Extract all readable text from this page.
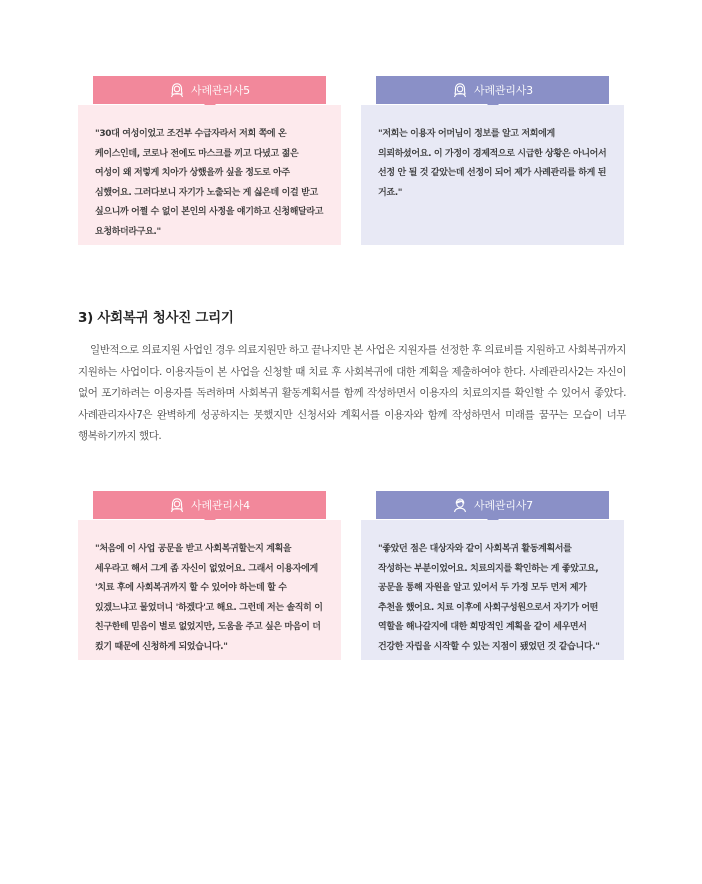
사례관리사5
"30대 여성이었고 조건부 수급자라서 저희 쪽에 온 케이스인데, 코로나 전에도 마스크를 끼고 다녔고 젊은 여성이 왜 저렇게 치아가 상했을까 싶을 정도로 아주 심했어요. 그러다보니 자기가 노출되는 게 싫은데 이걸 받고 싶으니까 어쩔 수 없이 본인의 사정을 얘기하고 신청해달라고 요청하더라구요."
사례관리사3
"저희는 이용자 어머님이 정보를 알고 저희에게 의뢰하셨어요. 이 가정이 경제적으로 시급한 상황은 아니어서 선정 안 될 것 같았는데 선정이 되어 제가 사례관리를 하게 된 거죠."
3) 사회복귀 청사진 그리기

일반적으로 의료지원 사업인 경우 의료지원만 하고 끝나지만 본 사업은 지원자를 선정한 후 의료비를 지원하고 사회복귀까지 지원하는 사업이다. 이용자들이 본 사업을 신청할 때 치료 후 사회복귀에 대한 계획을 제출하여야 한다. 사례관리사2는 자신이 없어 포기하려는 이용자를 독려하며 사회복귀 활동계획서를 함께 작성하면서 이용자의 치료의지를 확인할 수 있어서 좋았다. 사례관리자사7은 완벽하게 성공하지는 못했지만 신청서와 계획서를 이용자와 함께 작성하면서 미래를 꿈꾸는 모습이 너무 행복하기까지 했다.

사례관리사4
"처음에 이 사업 공문을 받고 사회복귀할는지 계획을 세우라고 해서 그게 좀 자신이 없었어요. 그래서 이용자에게 '치료 후에 사회복귀까지 할 수 있어야 하는데 할 수 있겠느냐고 물었더니 '하겠다'고 해요. 그런데 저는 솔직히 이 친구한테 믿음이 별로 없었지만, 도움을 주고 싶은 마음이 더 컸기 때문에 신청하게 되었습니다."
사례관리사7
"좋았던 점은 대상자와 같이 사회복귀 활동계획서를 작성하는 부분이었어요. 치료의지를 확인하는 게 좋았고요, 공문을 통해 자원을 알고 있어서 두 가정 모두 먼저 제가 추천을 했어요. 치료 이후에 사회구성원으로서 자기가 어떤 역할을 해나갈지에 대한 희망적인 계획을 같이 세우면서 건강한 자립을 시작할 수 있는 지점이 됐었던 것 같습니다."
